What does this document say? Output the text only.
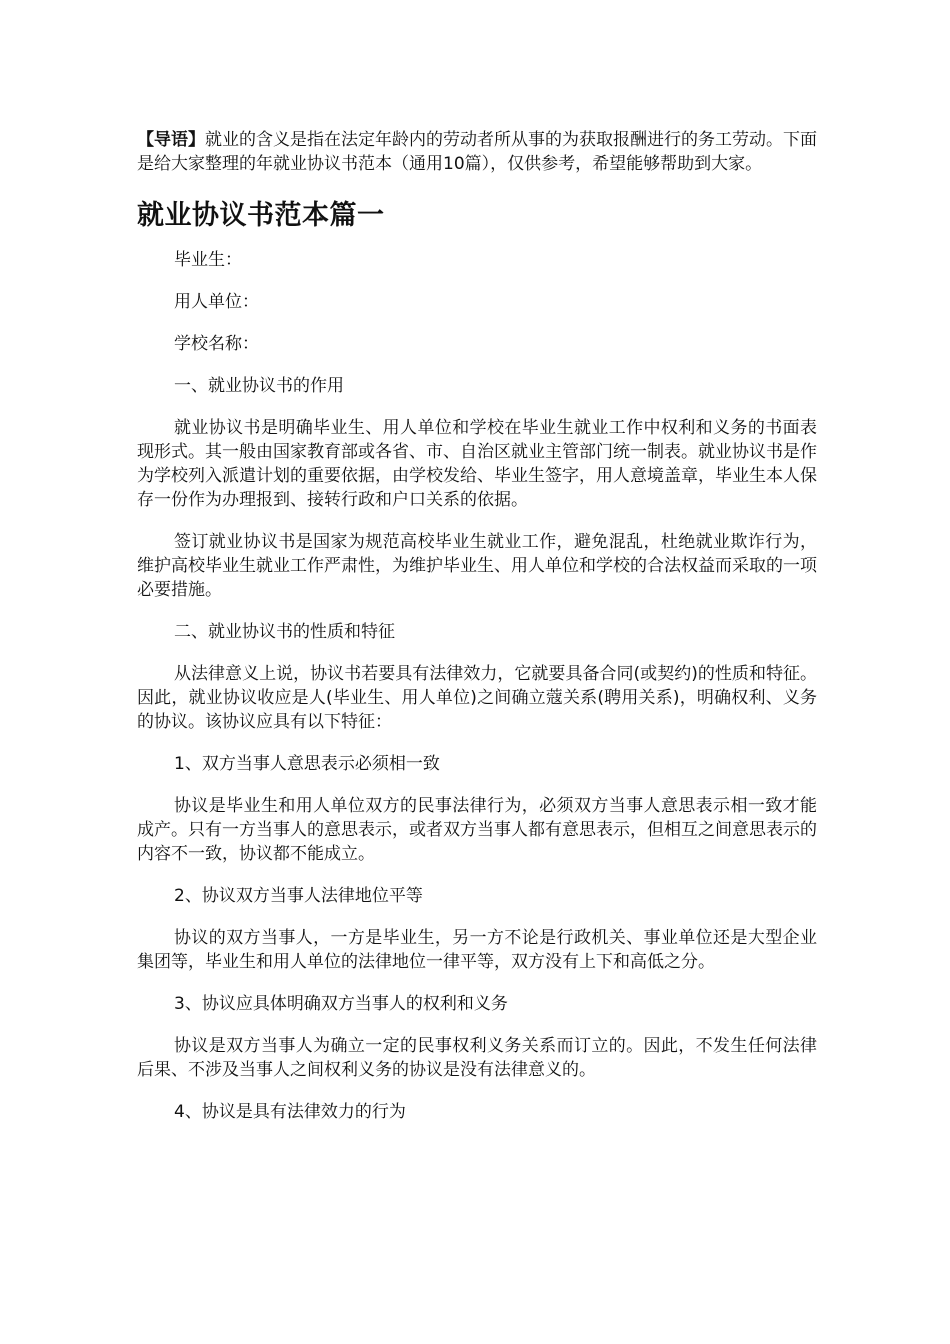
【导语】就业的含义是指在法定年龄内的劳动者所从事的为获取报酬进行的务工劳动。下面是给大家整理的年就业协议书范本（通用10篇），仅供参考，希望能够帮助到大家。

就业协议书范本篇一

毕业生：

用人单位：

学校名称：

一、就业协议书的作用

就业协议书是明确毕业生、用人单位和学校在毕业生就业工作中权利和义务的书面表现形式。其一般由国家教育部或各省、市、自治区就业主管部门统一制表。就业协议书是作为学校列入派遣计划的重要依据，由学校发给、毕业生签字，用人意境盖章，毕业生本人保存一份作为办理报到、接转行政和户口关系的依据。

签订就业协议书是国家为规范高校毕业生就业工作，避免混乱，杜绝就业欺诈行为，维护高校毕业生就业工作严肃性，为维护毕业生、用人单位和学校的合法权益而采取的一项必要措施。

二、就业协议书的性质和特征

从法律意义上说，协议书若要具有法律效力，它就要具备合同(或契约)的性质和特征。因此，就业协议收应是人(毕业生、用人单位)之间确立蔻关系(聘用关系)，明确权利、义务的协议。该协议应具有以下特征：

1、双方当事人意思表示必须相一致

协议是毕业生和用人单位双方的民事法律行为，必须双方当事人意思表示相一致才能成产。只有一方当事人的意思表示，或者双方当事人都有意思表示，但相互之间意思表示的内容不一致，协议都不能成立。

2、协议双方当事人法律地位平等

协议的双方当事人，一方是毕业生，另一方不论是行政机关、事业单位还是大型企业集团等，毕业生和用人单位的法律地位一律平等，双方没有上下和高低之分。

3、协议应具体明确双方当事人的权利和义务

协议是双方当事人为确立一定的民事权利义务关系而订立的。因此，不发生任何法律后果、不涉及当事人之间权利义务的协议是没有法律意义的。

4、协议是具有法律效力的行为
